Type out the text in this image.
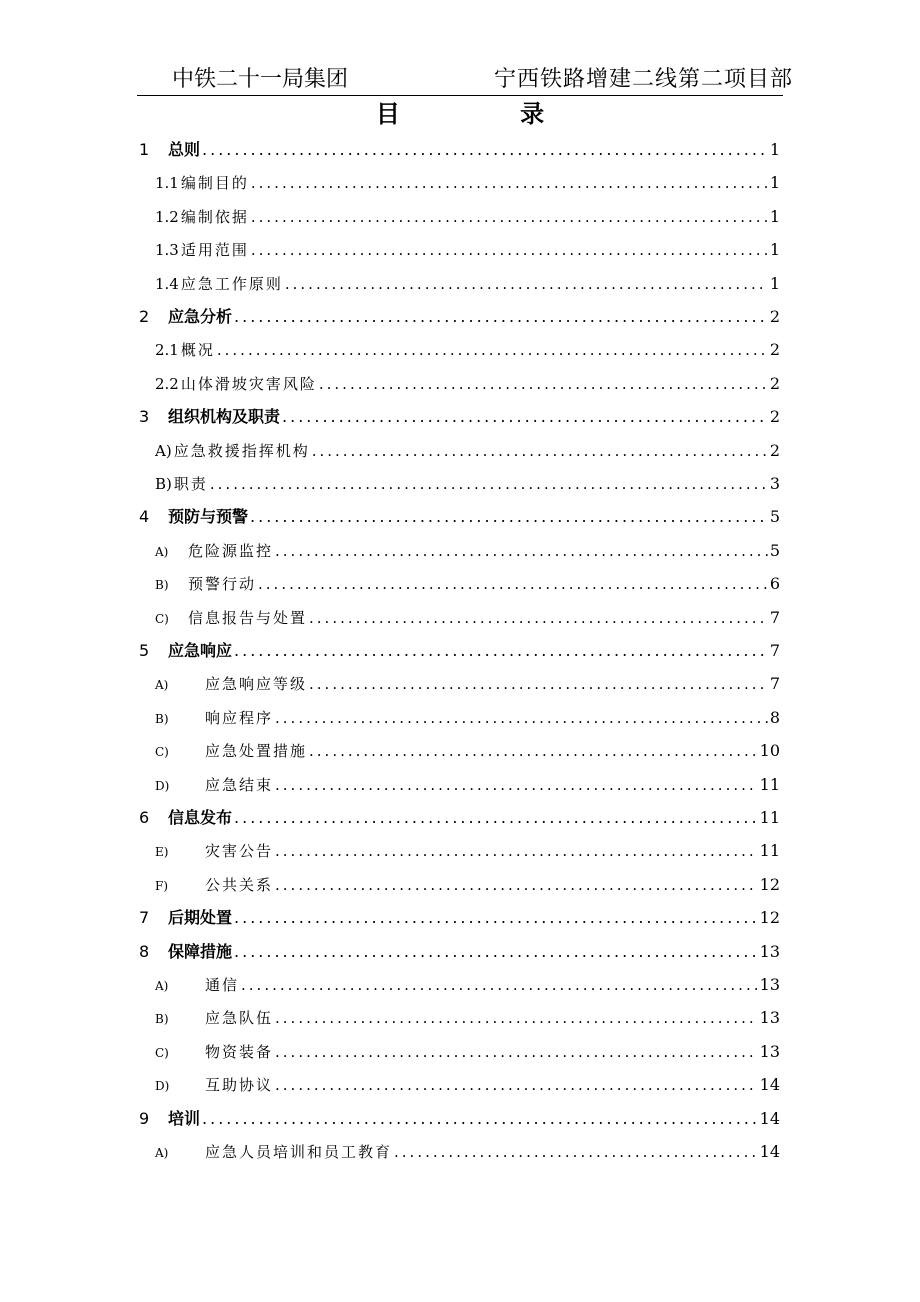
中铁二十一局集团	宁西铁路增建二线第二项目部
目 录
1	总则 .....	1
1.1 编制目的 .....	1
1.2 编制依据 .....	1
1.3 适用范围 .....	1
1.4 应急工作原则 .....	1
2	应急分析 .....	2
2.1 概况 .....	2
2.2 山体滑坡灾害风险 .....	2
3	组织机构及职责 .....	2
A) 应急救援指挥机构 .....	2
B) 职责 .....	3
4	预防与预警 .....	5
A)	危险源监控 .....	5
B)	预警行动 .....	6
C)	信息报告与处置 .....	7
5	应急响应 .....	7
A)	应急响应等级 .....	7
B)	响应程序 .....	8
C)	应急处置措施 .....	10
D)	应急结束 .....	11
6	信息发布 .....	11
E)	灾害公告 .....	11
F)	公共关系 .....	12
7	后期处置 .....	12
8	保障措施 .....	13
A)	通信 .....	13
B)	应急队伍 .....	13
C)	物资装备 .....	13
D)	互助协议 .....	14
9	培训 .....	14
A)	应急人员培训和员工教育 .....	14
